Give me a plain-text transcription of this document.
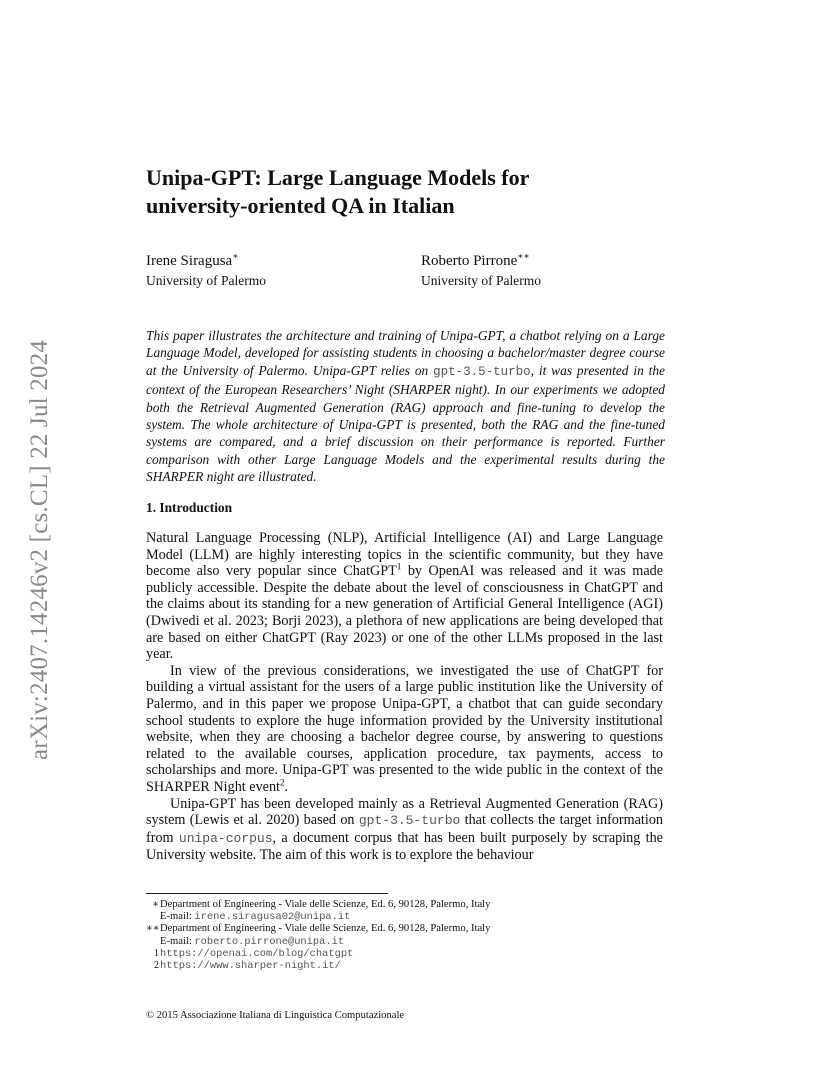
arXiv:2407.14246v2 [cs.CL] 22 Jul 2024
Unipa-GPT: Large Language Models for
university-oriented QA in Italian
Irene Siragusa∗
University of Palermo
Roberto Pirrone∗∗
University of Palermo

This paper illustrates the architecture and training of Unipa-GPT, a chatbot relying on a Large Language Model, developed for assisting students in choosing a bachelor/master degree course at the University of Palermo. Unipa-GPT relies on gpt-3.5-turbo, it was presented in the context of the European Researchers’ Night (SHARPER night). In our experiments we adopted both the Retrieval Augmented Generation (RAG) approach and fine-tuning to develop the system. The whole architecture of Unipa-GPT is presented, both the RAG and the fine-tuned systems are compared, and a brief discussion on their performance is reported. Further comparison with other Large Language Models and the experimental results during the SHARPER night are illustrated.

1. Introduction

Natural Language Processing (NLP), Artificial Intelligence (AI) and Large Language Model (LLM) are highly interesting topics in the scientific community, but they have become also very popular since ChatGPT$^1$ by OpenAI was released and it was made publicly accessible. Despite the debate about the level of consciousness in ChatGPT and the claims about its standing for a new generation of Artificial General Intelligence (AGI) (Dwivedi et al. 2023; Borji 2023), a plethora of new applications are being developed that are based on either ChatGPT (Ray 2023) or one of the other LLMs proposed in the last year.

In view of the previous considerations, we investigated the use of ChatGPT for building a virtual assistant for the users of a large public institution like the University of Palermo, and in this paper we propose Unipa-GPT, a chatbot that can guide secondary school students to explore the huge information provided by the University institutional website, when they are choosing a bachelor degree course, by answering to questions related to the available courses, application procedure, tax payments, access to scholarships and more. Unipa-GPT was presented to the wide public in the context of the SHARPER Night event$^2$.

Unipa-GPT has been developed mainly as a Retrieval Augmented Generation (RAG) system (Lewis et al. 2020) based on gpt-3.5-turbo that collects the target information from unipa-corpus, a document corpus that has been built purposely by scraping the University website. The aim of this work is to explore the behaviour

∗ Department of Engineering - Viale delle Scienze, Ed. 6, 90128, Palermo, Italy
E-mail: irene.siragusa02@unipa.it
∗∗ Department of Engineering - Viale delle Scienze, Ed. 6, 90128, Palermo, Italy
E-mail: roberto.pirrone@unipa.it
1 https://openai.com/blog/chatgpt
2 https://www.sharper-night.it/
© 2015 Associazione Italiana di Linguistica Computazionale
